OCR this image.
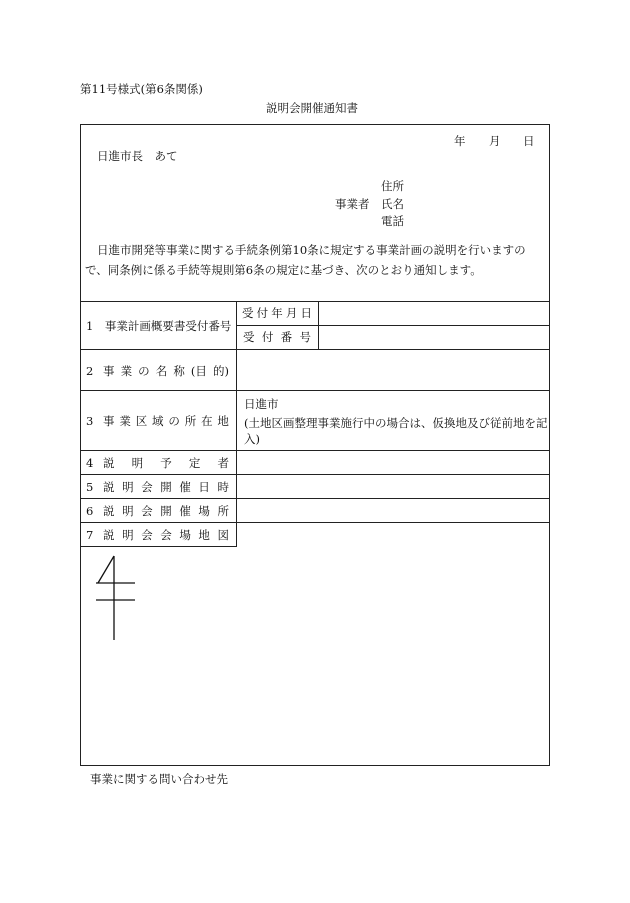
第11号様式(第6条関係)
説明会開催通知書
年 月 日
日進市長　あて
住所
事業者 氏名
電話
日進市開発等事業に関する手続条例第10条に規定する事業計画の説明を行いますので、同条例に係る手続等規則第6条の規定に基づき、次のとおり通知します。
1　事業計画概要書受付番号
受 付 年 月 日
受 付 番 号
2 事 業 の 名 称 (目 的)
3 事 業 区 域 の 所 在 地
日進市
(土地区画整理事業施行中の場合は、仮換地及び従前地を記入)
4 説 明 予 定 者
5 説 明 会 開 催 日 時
6 説 明 会 開 催 場 所
7 説 明 会 会 場 地 図
事業に関する問い合わせ先
